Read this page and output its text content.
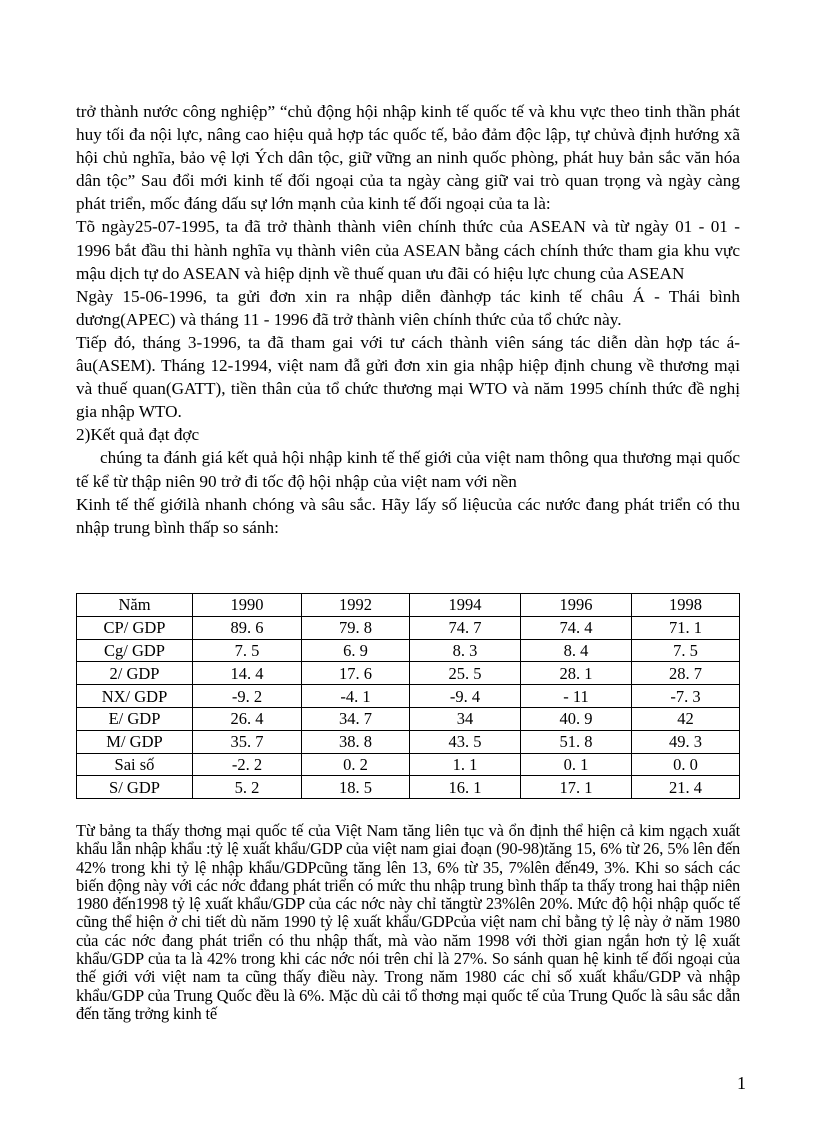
trở thành nước công nghiệp” “chủ động hội nhập kinh tế quốc tế và khu vực theo tinh thần phát huy tối đa nội lực, nâng cao hiệu quả hợp tác quốc tế, bảo đảm độc lập, tự chủvà định hướng xã hội chủ nghĩa, bảo vệ lợi Ých dân tộc, giữ vững an ninh quốc phòng, phát huy bản sắc văn hóa dân tộc” Sau đổi mới kinh tế đối ngoại của ta ngày càng giữ vai trò quan trọng và ngày càng phát triển, mốc đáng dấu sự lớn mạnh của kinh tế đối ngoại của ta là:

Tõ ngày25-07-1995, ta đã trở thành thành viên chính thức của ASEAN và từ ngày 01 - 01 - 1996 bắt đầu thi hành nghĩa vụ thành viên của ASEAN bằng cách chính thức tham gia khu vực mậu dịch tự do ASEAN và hiệp dịnh về thuế quan ưu đãi có hiệu lực chung của ASEAN

Ngày 15-06-1996, ta gửi đơn xin ra nhập diễn đànhợp tác kinh tế châu Á - Thái bình dương(APEC) và tháng 11 - 1996 đã trở thành viên chính thức của tổ chức này.

Tiếp đó, tháng 3-1996, ta đã tham gai với tư cách thành viên sáng tác diễn dàn hợp tác á-âu(ASEM). Tháng 12-1994, việt nam đẫ gửi đơn xin gia nhập hiệp định chung về thương mại và thuế quan(GATT), tiền thân của tổ chức thương mại WTO và năm 1995 chính thức đề nghị gia nhập WTO.

2)Kết quả đạt đợc

chúng ta đánh giá kết quả hội nhập kinh tế thế giới của việt nam thông qua thương mại quốc tế kể từ thập niên 90 trở đi tốc độ hội nhập của việt nam với nền

Kinh tế thế giớilà nhanh chóng và sâu sắc. Hãy lấy số liệucủa các nước đang phát triển có thu nhập trung bình thấp so sánh:

Năm	1990	1992	1994	1996	1998
CP/ GDP	89. 6	79. 8	74. 7	74. 4	71. 1
Cg/ GDP	7. 5	6. 9	8. 3	8. 4	7. 5
2/ GDP	14. 4	17. 6	25. 5	28. 1	28. 7
NX/ GDP	-9. 2	-4. 1	-9. 4	- 11	-7. 3
E/ GDP	26. 4	34. 7	34	40. 9	42
M/ GDP	35. 7	38. 8	43. 5	51. 8	49. 3
Sai số	-2. 2	0. 2	1. 1	0. 1	0. 0
S/ GDP	5. 2	18. 5	16. 1	17. 1	21. 4

Từ bảng ta thấy thơng mại quốc tế của Việt Nam tăng liên tục và ổn định thể hiện cả kim ngạch xuất khẩu lẫn nhập khẩu :tỷ lệ xuất khẩu/GDP của việt nam giai đoạn (90-98)tăng 15, 6% từ 26, 5% lên đến 42% trong khi tỷ lệ nhập khẩu/GDPcũng tăng lên 13, 6% từ 35, 7%lên đến49, 3%. Khi so sách các biến động này với các nớc đđang phát triển có mức thu nhập trung bình thấp ta thấy trong hai thập niên 1980 đến1998 tỷ lệ xuất khẩu/GDP của các nớc này chỉ tăngtừ 23%lên 20%. Mức độ hội nhập quốc tế cũng thể hiện ở chi tiết dù năm 1990 tỷ lệ xuất khẩu/GDPcủa việt nam chỉ bằng tỷ lệ này ở năm 1980 của các nớc đang phát triển có thu nhập thất, mà vào năm 1998 với thời gian ngắn hơn tỷ lệ xuất khẩu/GDP của ta là 42% trong khi các nớc nói trên chỉ là 27%. So sánh quan hệ kinh tế đối ngoại của thế giới với việt nam ta cũng thấy điều này. Trong năm 1980 các chỉ số xuất khẩu/GDP và nhập khẩu/GDP của Trung Quốc đều là 6%. Mặc dù cải tổ thơng mại quốc tế của Trung Quốc là sâu sắc dẫn đến tăng trởng kinh tế

1
